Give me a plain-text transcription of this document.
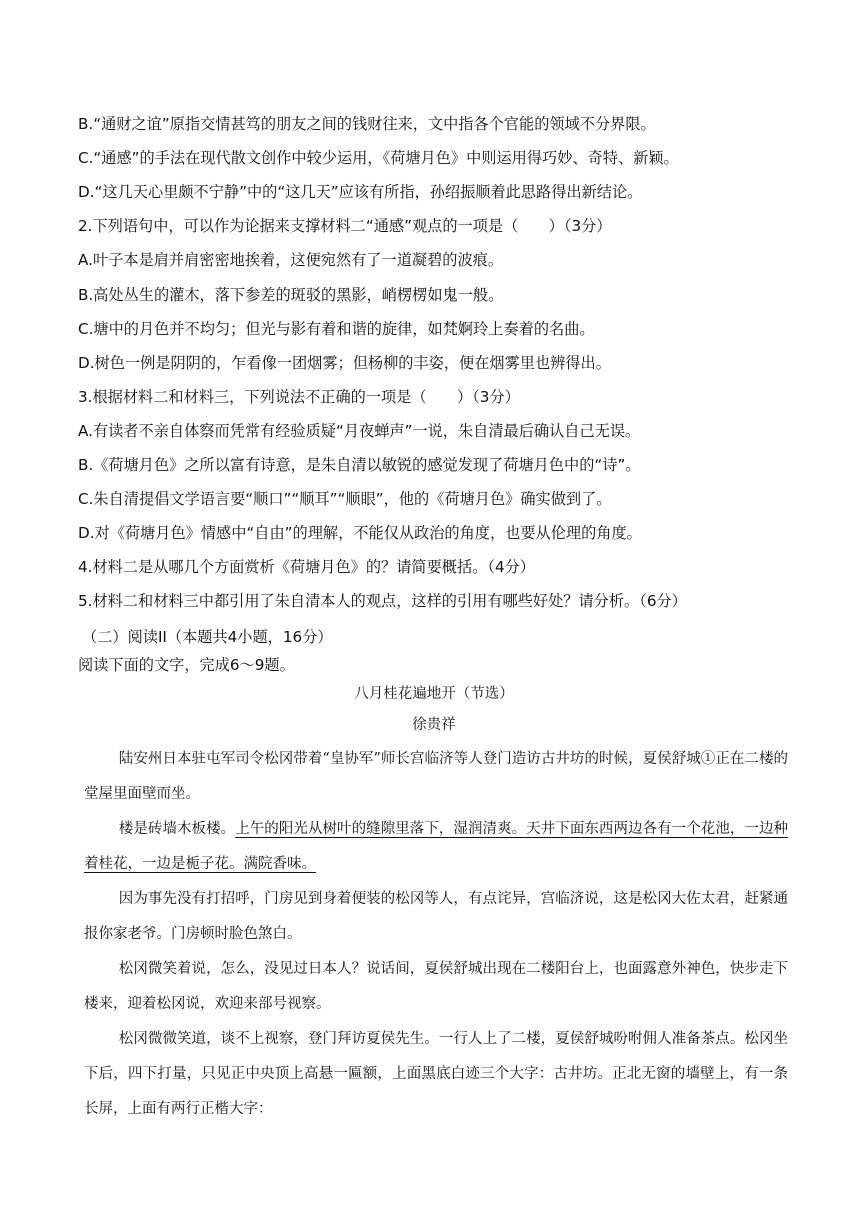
B.“通财之谊”原指交情甚笃的朋友之间的钱财往来，文中指各个官能的领域不分界限。
C.“通感”的手法在现代散文创作中较少运用，《荷塘月色》中则运用得巧妙、奇特、新颖。
D.“这几天心里颇不宁静”中的“这几天”应该有所指，孙绍振顺着此思路得出新结论。
2.下列语句中，可以作为论据来支撑材料二“通感”观点的一项是（　　）（3分）
A.叶子本是肩并肩密密地挨着，这便宛然有了一道凝碧的波痕。
B.高处丛生的灌木，落下参差的斑驳的黑影，峭楞楞如鬼一般。
C.塘中的月色并不均匀；但光与影有着和谐的旋律，如梵婀玲上奏着的名曲。
D.树色一例是阴阴的，乍看像一团烟雾；但杨柳的丰姿，便在烟雾里也辨得出。
3.根据材料二和材料三，下列说法不正确的一项是（　　）（3分）
A.有读者不亲自体察而凭常有经验质疑“月夜蝉声”一说，朱自清最后确认自己无误。
B.《荷塘月色》之所以富有诗意，是朱自清以敏锐的感觉发现了荷塘月色中的“诗”。
C.朱自清提倡文学语言要“顺口”“顺耳”“顺眼”，他的《荷塘月色》确实做到了。
D.对《荷塘月色》情感中“自由”的理解，不能仅从政治的角度，也要从伦理的角度。
4.材料二是从哪几个方面赏析《荷塘月色》的？请简要概括。（4分）
5.材料二和材料三中都引用了朱自清本人的观点，这样的引用有哪些好处？请分析。（6分）
（二）阅读II（本题共4小题，16分）
阅读下面的文字，完成6～9题。
八月桂花遍地开（节选）
徐贵祥
陆安州日本驻屯军司令松冈带着“皇协军”师长宫临济等人登门造访古井坊的时候，夏侯舒城①正在二楼的堂屋里面壁而坐。
楼是砖墙木板楼。上午的阳光从树叶的缝隙里落下，湿润清爽。天井下面东西两边各有一个花池，一边种着桂花，一边是栀子花。满院香味。
因为事先没有打招呼，门房见到身着便装的松冈等人，有点诧异，宫临济说，这是松冈大佐太君，赶紧通报你家老爷。门房顿时脸色煞白。
松冈微笑着说，怎么，没见过日本人？说话间，夏侯舒城出现在二楼阳台上，也面露意外神色，快步走下楼来，迎着松冈说，欢迎来部号视察。
松冈微微笑道，谈不上视察，登门拜访夏侯先生。一行人上了二楼，夏侯舒城吩咐佣人准备茶点。松冈坐下后，四下打量，只见正中央顶上高悬一匾额，上面黑底白迹三个大字：古井坊。正北无窗的墙壁上，有一条长屏，上面有两行正楷大字：
